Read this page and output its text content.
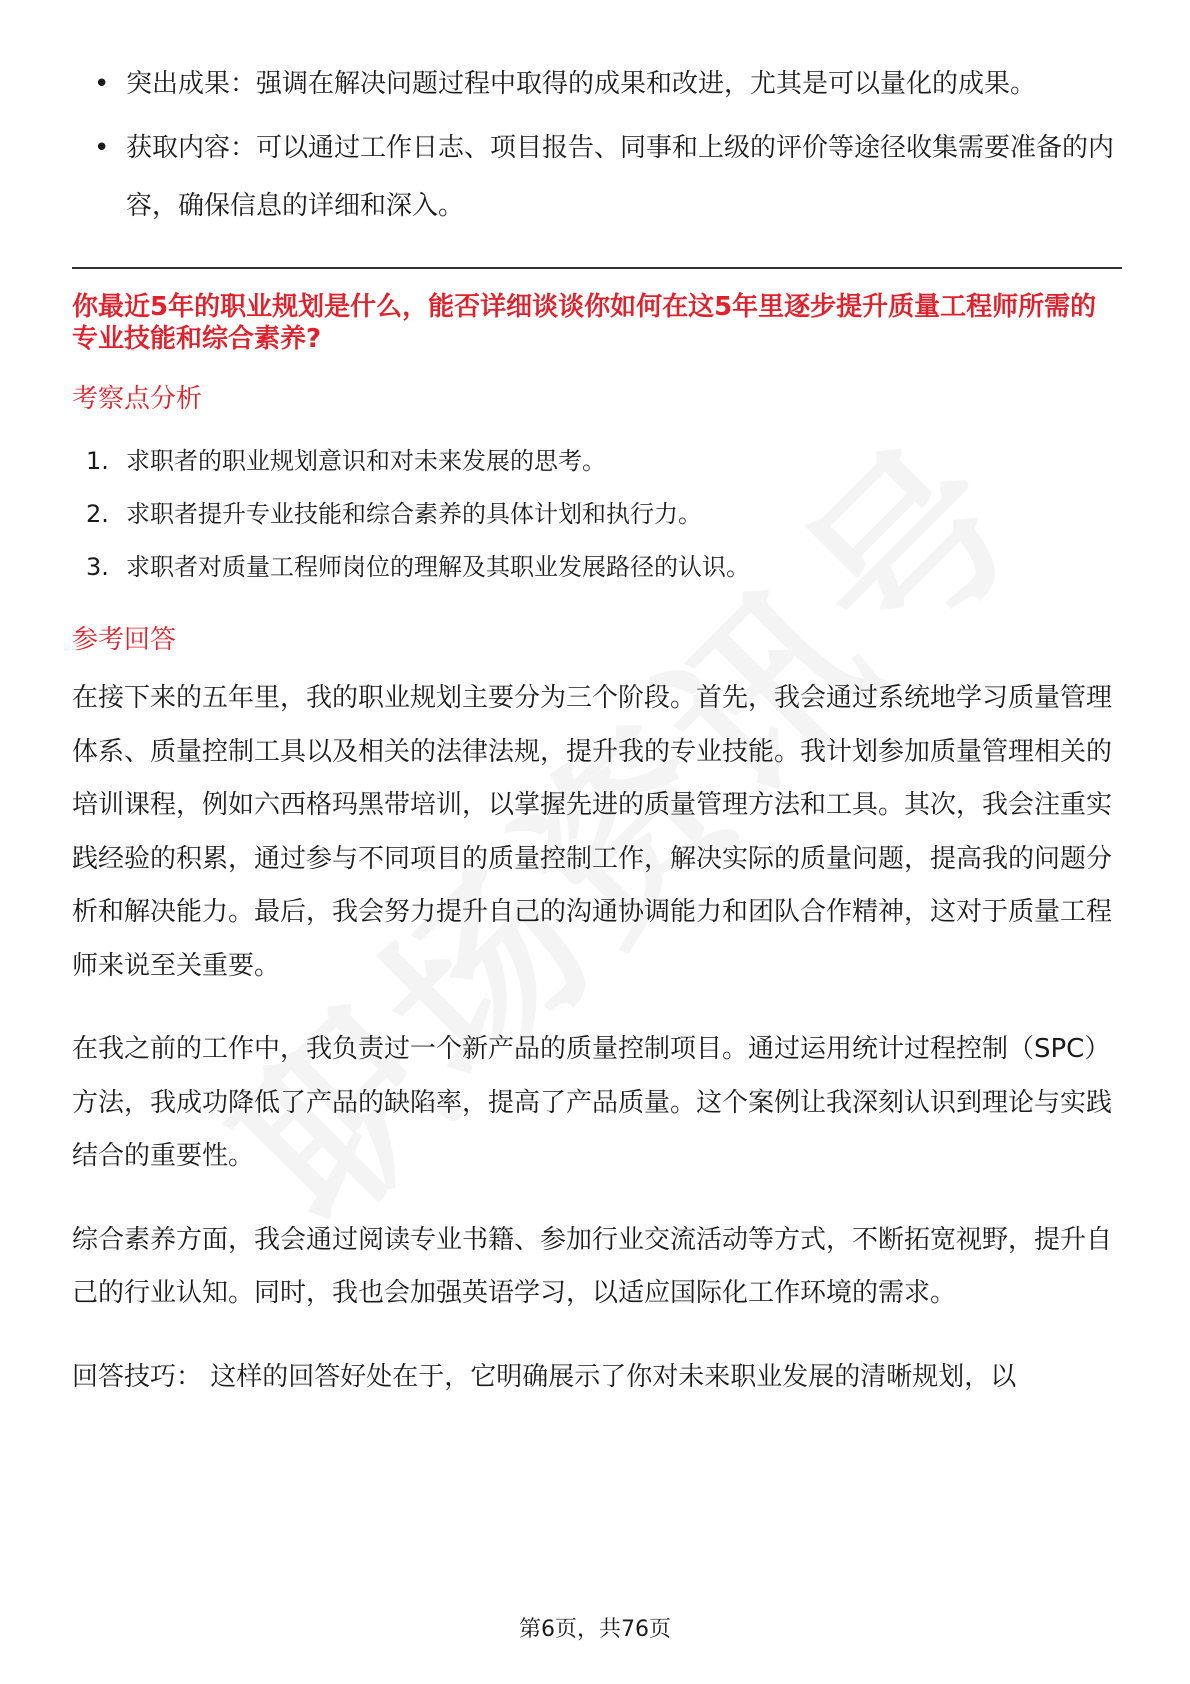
• 突出成果：强调在解决问题过程中取得的成果和改进，尤其是可以量化的成果。
• 获取内容：可以通过工作日志、项目报告、同事和上级的评价等途径收集需要准备的内容，确保信息的详细和深入。
你最近5年的职业规划是什么，能否详细谈谈你如何在这5年里逐步提升质量工程师所需的专业技能和综合素养?
考察点分析
1. 求职者的职业规划意识和对未来发展的思考。
2. 求职者提升专业技能和综合素养的具体计划和执行力。
3. 求职者对质量工程师岗位的理解及其职业发展路径的认识。
参考回答

在接下来的五年里，我的职业规划主要分为三个阶段。首先，我会通过系统地学习质量管理体系、质量控制工具以及相关的法律法规，提升我的专业技能。我计划参加质量管理相关的培训课程，例如六西格玛黑带培训，以掌握先进的质量管理方法和工具。其次，我会注重实践经验的积累，通过参与不同项目的质量控制工作，解决实际的质量问题，提高我的问题分析和解决能力。最后，我会努力提升自己的沟通协调能力和团队合作精神，这对于质量工程师来说至关重要。

在我之前的工作中，我负责过一个新产品的质量控制项目。通过运用统计过程控制（SPC）方法，我成功降低了产品的缺陷率，提高了产品质量。这个案例让我深刻认识到理论与实践结合的重要性。

综合素养方面，我会通过阅读专业书籍、参加行业交流活动等方式，不断拓宽视野，提升自己的行业认知。同时，我也会加强英语学习，以适应国际化工作环境的需求。

回答技巧： 这样的回答好处在于，它明确展示了你对未来职业发展的清晰规划，以

第6页，共76页
